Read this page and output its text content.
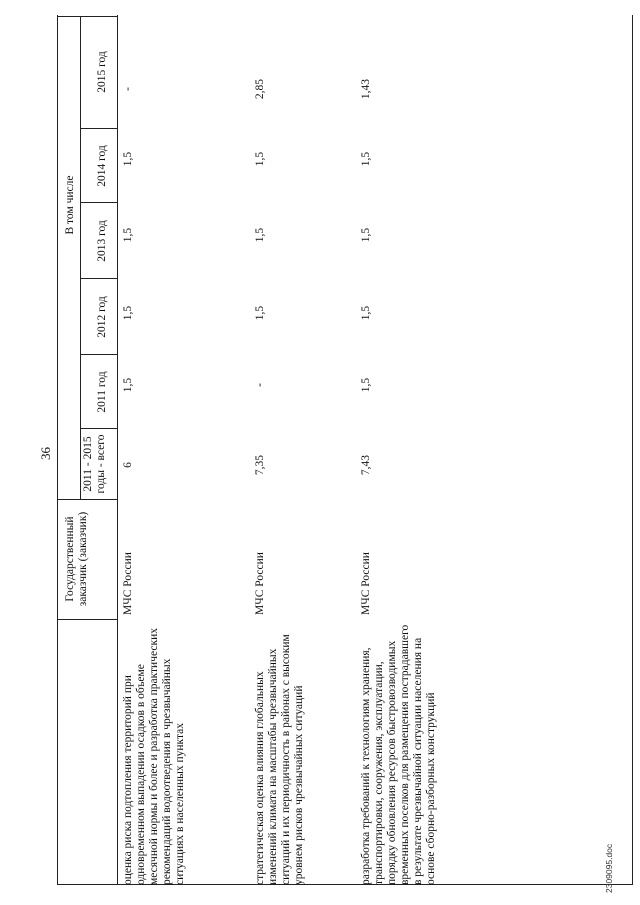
36
Государственный заказчик (заказчик)
2011 - 2015 годы - всего
В том числе
2011 год
2012 год
2013 год
2014 год
2015 год
оценка риска подтопления территорий при одновременном выпадении осадков в объеме месячной нормы и более и разработка практических рекомендаций водоотведения в чрезвычайных ситуациях в населенных пунктах
МЧС России
6
1,5
1,5
1,5
1,5
-
стратегическая оценка влияния глобальных изменений климата на масштабы чрезвычайных ситуаций и их периодичность в районах с высоким уровнем рисков чрезвычайных ситуаций
МЧС России
7,35
-
1,5
1,5
1,5
2,85
разработка требований к технологиям хранения, транспортировки, сооружения, эксплуатации, порядку обновления ресурсов быстровозводимых временных поселков для размещения пострадавшего в результате чрезвычайной ситуации населения на основе сборно-разборных конструкций
МЧС России
7,43
1,5
1,5
1,5
1,5
1,43
2309095.doc
